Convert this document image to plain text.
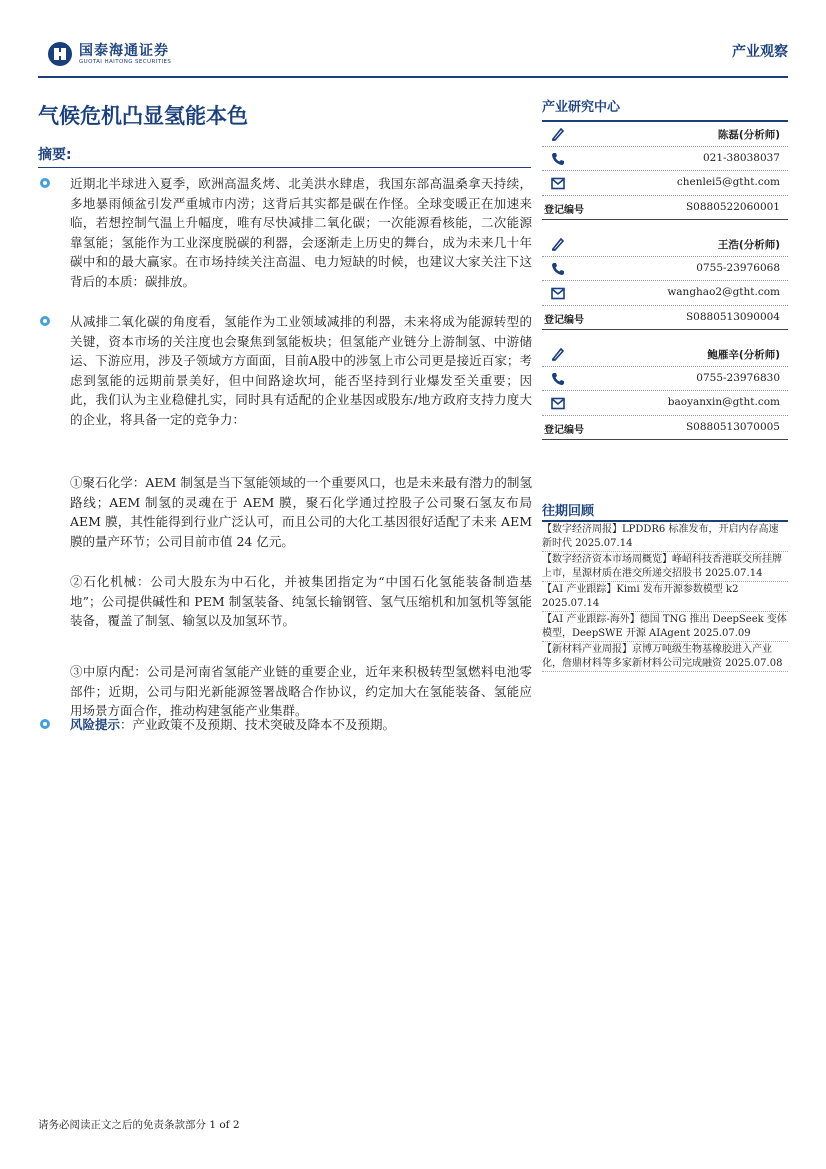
国泰海通证券
GUOTAI HAITONG SECURITIES
产业观察
气候危机凸显氢能本色
摘要:
近期北半球进入夏季，欧洲高温炙烤、北美洪水肆虐，我国东部高温桑拿天持续，多地暴雨倾盆引发严重城市内涝；这背后其实都是碳在作怪。全球变暖正在加速来临，若想控制气温上升幅度，唯有尽快减排二氧化碳；一次能源看核能，二次能源靠氢能；氢能作为工业深度脱碳的利器，会逐渐走上历史的舞台，成为未来几十年碳中和的最大赢家。在市场持续关注高温、电力短缺的时候，也建议大家关注下这背后的本质：碳排放。
从减排二氧化碳的角度看，氢能作为工业领域减排的利器，未来将成为能源转型的关键，资本市场的关注度也会聚焦到氢能板块；但氢能产业链分上游制氢、中游储运、下游应用，涉及子领域方方面面，目前A股中的涉氢上市公司更是接近百家；考虑到氢能的远期前景美好，但中间路途坎坷，能否坚持到行业爆发至关重要；因此，我们认为主业稳健扎实，同时具有适配的企业基因或股东/地方政府支持力度大的企业，将具备一定的竞争力：
①聚石化学：AEM 制氢是当下氢能领域的一个重要风口，也是未来最有潜力的制氢路线；AEM 制氢的灵魂在于 AEM 膜，聚石化学通过控股子公司聚石氢友布局 AEM 膜，其性能得到行业广泛认可，而且公司的大化工基因很好适配了未来 AEM 膜的量产环节；公司目前市值 24 亿元。
②石化机械：公司大股东为中石化，并被集团指定为“中国石化氢能装备制造基地”；公司提供碱性和 PEM 制氢装备、纯氢长输钢管、氢气压缩机和加氢机等氢能装备，覆盖了制氢、输氢以及加氢环节。
③中原内配：公司是河南省氢能产业链的重要企业，近年来积极转型氢燃料电池零部件；近期，公司与阳光新能源签署战略合作协议，约定加大在氢能装备、氢能应用场景方面合作，推动构建氢能产业集群。
风险提示：产业政策不及预期、技术突破及降本不及预期。
产业研究中心
陈磊(分析师)
021-38038037
chenlei5@gtht.com
登记编号	S0880522060001
王浩(分析师)
0755-23976068
wanghao2@gtht.com
登记编号	S0880513090004
鲍雁辛(分析师)
0755-23976830
baoyanxin@gtht.com
登记编号	S0880513070005
往期回顾
【数字经济周报】LPDDR6 标准发布，开启内存高速新时代 2025.07.14
【数字经济资本市场周概览】峰岹科技香港联交所挂牌上市，星源材质在港交所递交招股书 2025.07.14
【AI 产业跟踪】Kimi 发布开源参数模型 k2 2025.07.14
【AI 产业跟踪-海外】德国 TNG 推出 DeepSeek 变体模型，DeepSWE 开源 AIAgent 2025.07.09
【新材料产业周报】京博万吨级生物基橡胶进入产业化，詹鼎材料等多家新材料公司完成融资 2025.07.08
请务必阅读正文之后的免责条款部分 1 of 2
